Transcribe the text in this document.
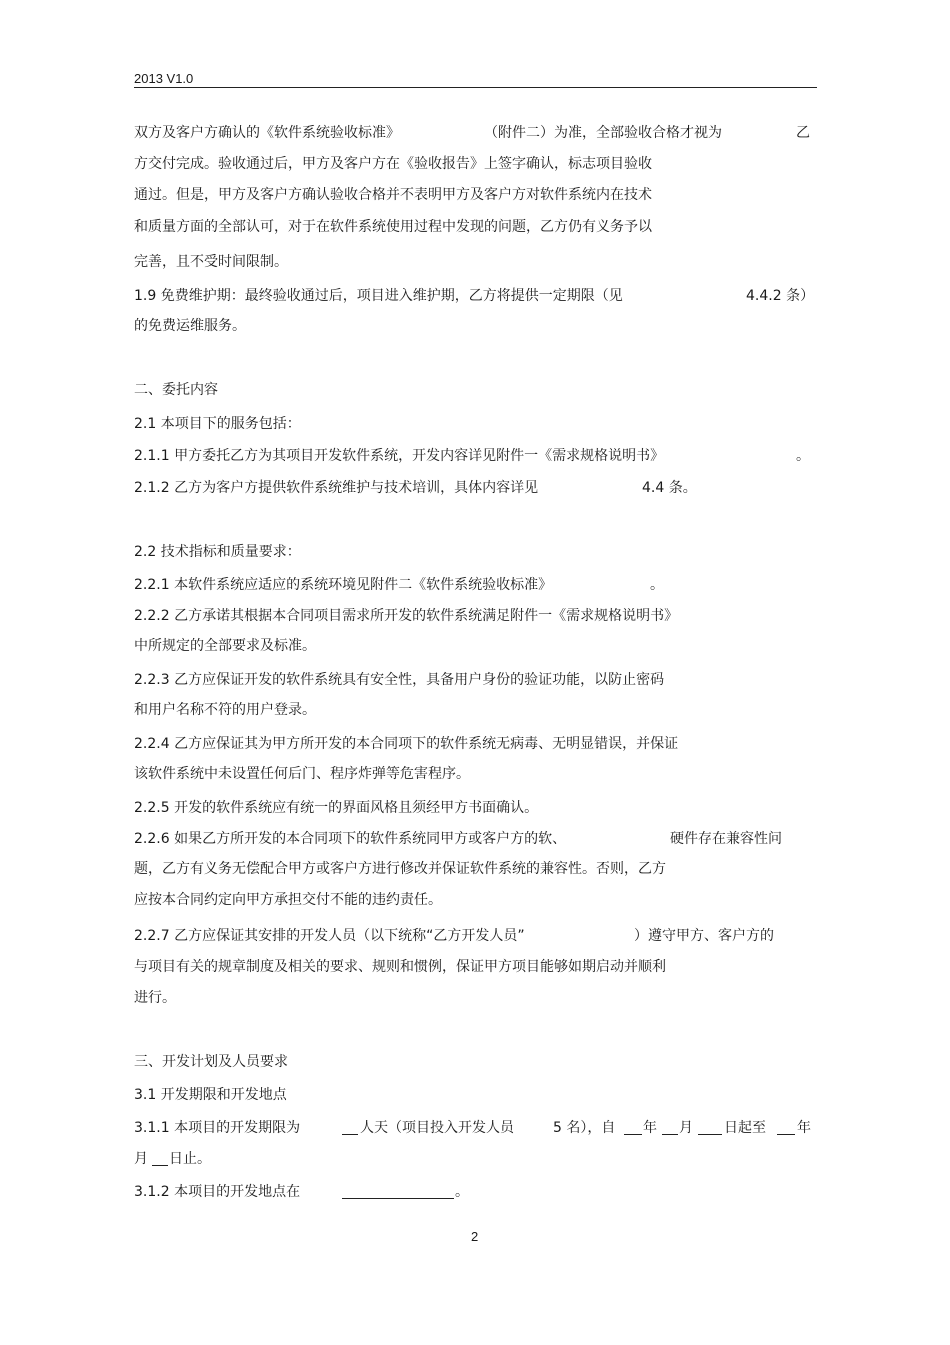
2013 V1.0
双方及客户方确认的《软件系统验收标准》	（附件二）为准，全部验收合格才视为	乙
方交付完成。验收通过后，甲方及客户方在《验收报告》上签字确认，标志项目验收
通过。但是，甲方及客户方确认验收合格并不表明甲方及客户方对软件系统内在技术
和质量方面的全部认可，对于在软件系统使用过程中发现的问题，乙方仍有义务予以
完善，且不受时间限制。
1.9 免费维护期：最终验收通过后，项目进入维护期，乙方将提供一定期限（见	4.4.2 条）
的免费运维服务。
二、委托内容
2.1 本项目下的服务包括：
2.1.1 甲方委托乙方为其项目开发软件系统，开发内容详见附件一《需求规格说明书》	。
2.1.2 乙方为客户方提供软件系统维护与技术培训，具体内容详见	4.4 条。
2.2 技术指标和质量要求：
2.2.1 本软件系统应适应的系统环境见附件二《软件系统验收标准》	。
2.2.2 乙方承诺其根据本合同项目需求所开发的软件系统满足附件一《需求规格说明书》
中所规定的全部要求及标准。
2.2.3 乙方应保证开发的软件系统具有安全性，具备用户身份的验证功能，以防止密码
和用户名称不符的用户登录。
2.2.4 乙方应保证其为甲方所开发的本合同项下的软件系统无病毒、无明显错误，并保证
该软件系统中未设置任何后门、程序炸弹等危害程序。
2.2.5 开发的软件系统应有统一的界面风格且须经甲方书面确认。
2.2.6 如果乙方所开发的本合同项下的软件系统同甲方或客户方的软、	硬件存在兼容性问
题，乙方有义务无偿配合甲方或客户方进行修改并保证软件系统的兼容性。否则，乙方
应按本合同约定向甲方承担交付不能的违约责任。
2.2.7 乙方应保证其安排的开发人员（以下统称“乙方开发人员”	）遵守甲方、客户方的
与项目有关的规章制度及相关的要求、规则和惯例，保证甲方项目能够如期启动并顺利
进行。
三、开发计划及人员要求
3.1 开发期限和开发地点
3.1.1 本项目的开发期限为	人天（项目投入开发人员	5 名），自 年 月 日起至 年
月 日止。
3.1.2 本项目的开发地点在	。
2
